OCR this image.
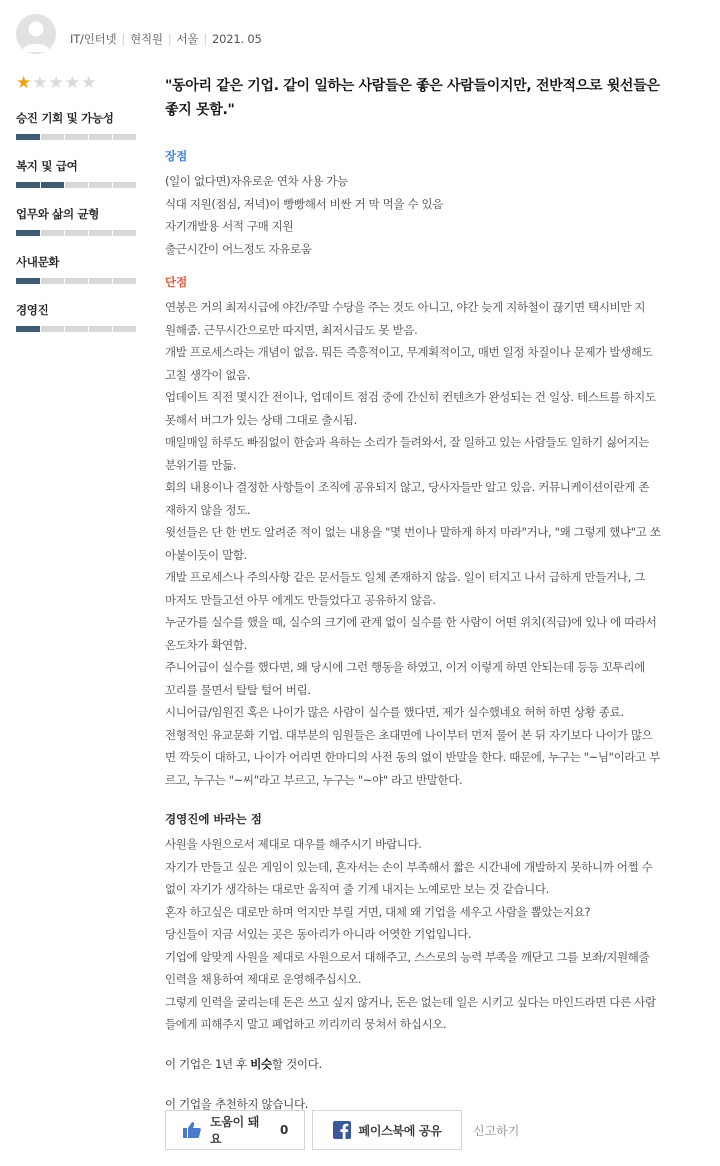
IT/인터넷 | 현직원 | 서울 | 2021. 05
★ ★ ★ ★ ★
승진 기회 및 가능성
복지 및 급여
업무와 삶의 균형
사내문화
경영진
"동아리 같은 기업. 같이 일하는 사람들은 좋은 사람들이지만, 전반적으로 윗선들은
좋지 못함."
장점
(일이 없다면)자유로운 연차 사용 가능
식대 지원(점심, 저녁)이 빵빵해서 비싼 거 막 먹을 수 있음
자기개발용 서적 구매 지원
출근시간이 어느정도 자유로움
단점
연봉은 거의 최저시급에 야간/주말 수당을 주는 것도 아니고, 야간 늦게 지하철이 끊기면 택시비만 지
원해줌. 근무시간으로만 따지면, 최저시급도 못 받음.
개발 프로세스라는 개념이 없음. 뭐든 즉흥적이고, 무계획적이고, 매번 일정 차질이나 문제가 발생해도
고칠 생각이 없음.
업데이트 직전 몇시간 전이나, 업데이트 점검 중에 간신히 컨텐츠가 완성되는 건 일상. 테스트를 하지도
못해서 버그가 있는 상태 그대로 출시됨.
매일매일 하루도 빠짐없이 한숨과 욕하는 소리가 들려와서, 잘 일하고 있는 사람들도 일하기 싫어지는
분위기를 만듦.
회의 내용이나 결정한 사항들이 조직에 공유되지 않고, 당사자들만 알고 있음. 커뮤니케이션이란게 존
재하지 않을 정도.
윗선들은 단 한 번도 알려준 적이 없는 내용을 "몇 번이나 말하게 하지 마라"거나, "왜 그렇게 했냐"고 쏘
아붙이듯이 말함.
개발 프로세스나 주의사항 같은 문서들도 일체 존재하지 않음. 일이 터지고 나서 급하게 만들거나, 그
마저도 만들고선 아무 에게도 만들었다고 공유하지 않음.
누군가를 실수를 했을 때, 실수의 크기에 관계 없이 실수를 한 사람이 어떤 위치(직급)에 있나 에 따라서
온도차가 확연함.
주니어급이 실수를 했다면, 왜 당시에 그런 행동을 하였고, 이거 이렇게 하면 안되는데 등등 꼬투리에
꼬리를 물면서 탈탈 털어 버림.
시니어급/임원진 혹은 나이가 많은 사람이 실수를 했다면, 제가 실수했네요 허허 하면 상황 종료.
전형적인 유교문화 기업. 대부분의 임원들은 초대면에 나이부터 먼저 물어 본 뒤 자기보다 나이가 많으
면 깍듯이 대하고, 나이가 어리면 한마디의 사전 동의 없이 반말을 한다. 때문에, 누구는 "~님"이라고 부
르고, 누구는 "~씨"라고 부르고, 누구는 "~야" 라고 반말한다.
경영진에 바라는 점
사원을 사원으로서 제대로 대우를 해주시기 바랍니다.
자기가 만들고 싶은 게임이 있는데, 혼자서는 손이 부족해서 짧은 시간내에 개발하지 못하니까 어쩔 수
없이 자기가 생각하는 대로만 움직여 줄 기계 내지는 노예로만 보는 것 같습니다.
혼자 하고싶은 대로만 하며 억지만 부릴 거면, 대체 왜 기업을 세우고 사람을 뽑았는지요?
당신들이 지금 서있는 곳은 동아리가 아니라 어엿한 기업입니다.
기업에 알맞게 사원을 제대로 사원으로서 대해주고, 스스로의 능력 부족을 깨닫고 그를 보좌/지원해줄
인력을 채용하여 제대로 운영해주십시오.
그렇게 인력을 굴리는데 돈은 쓰고 싶지 않거나, 돈은 없는데 일은 시키고 싶다는 마인드라면 다른 사람
들에게 피해주지 말고 폐업하고 끼리끼리 뭉쳐서 하십시오.
이 기업은 1년 후 비슷할 것이다.
이 기업을 추천하지 않습니다.
도움이 돼요
0	페이스북에 공유	신고하기
